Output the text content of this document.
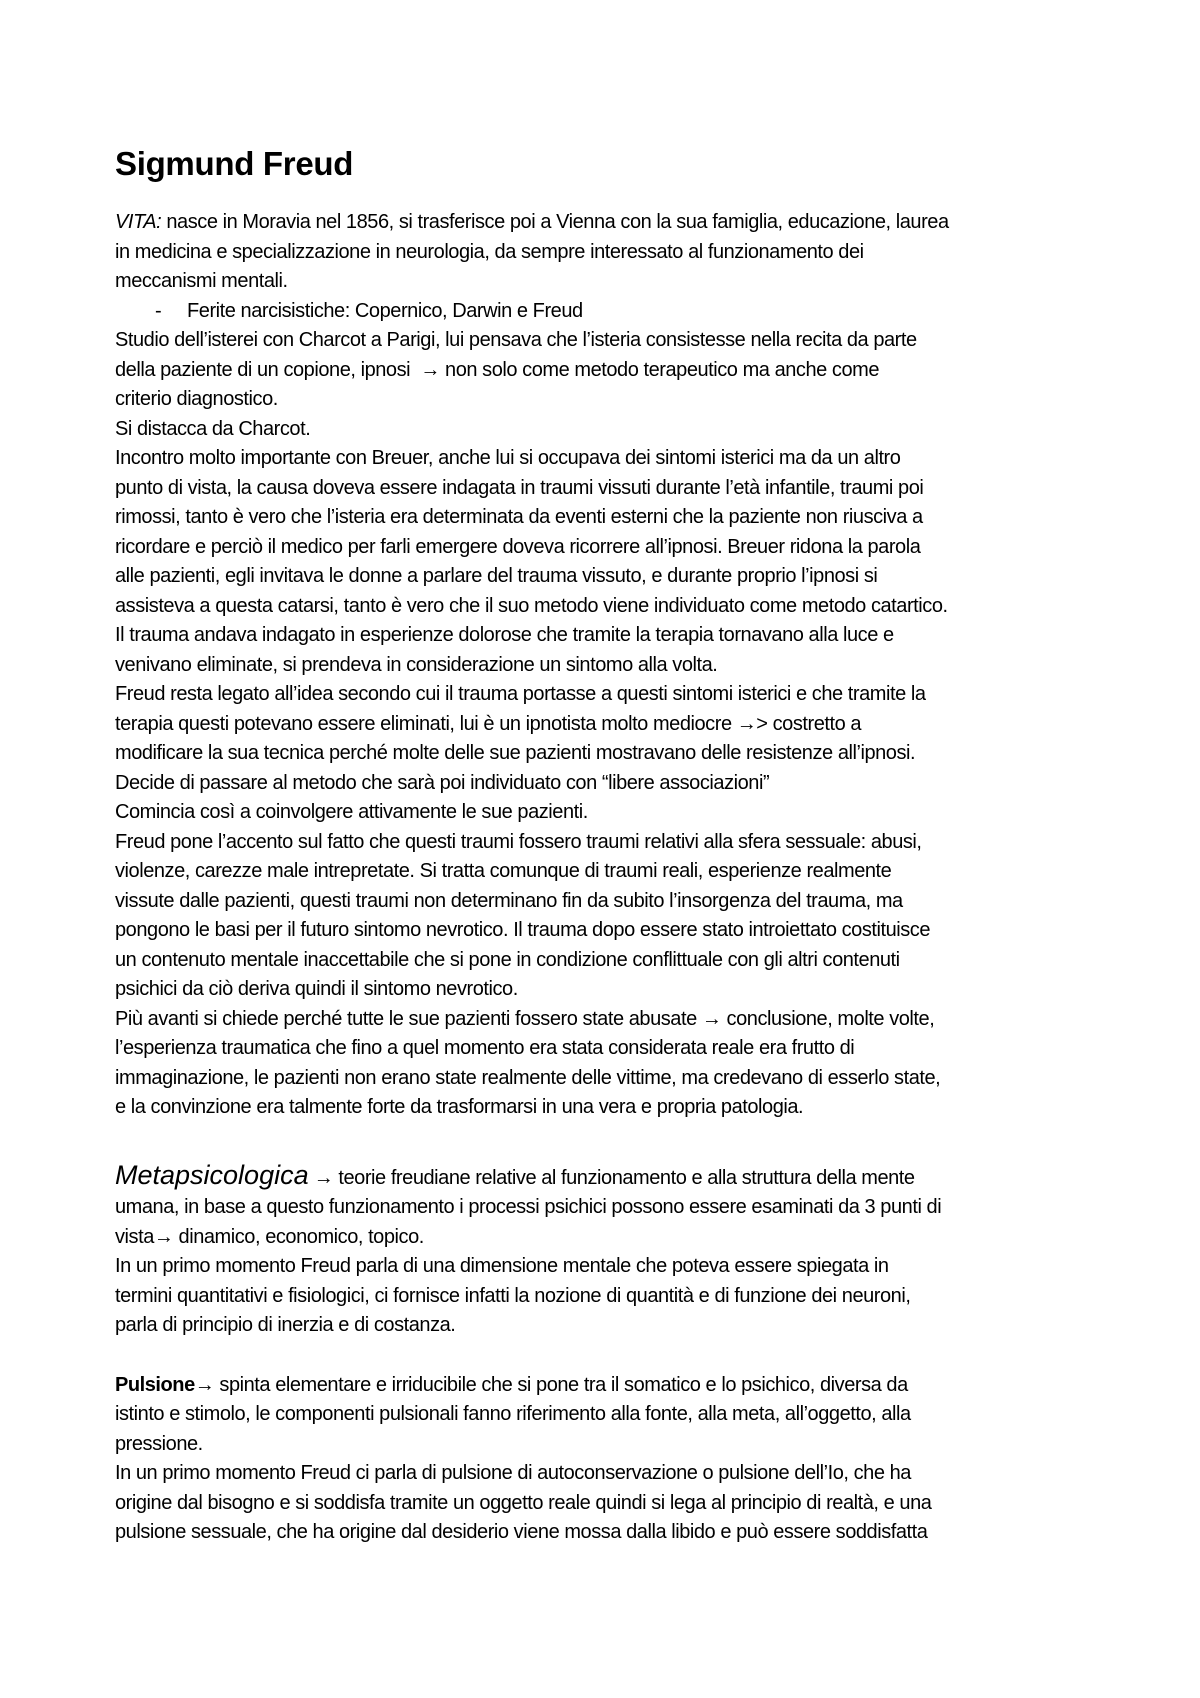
Sigmund Freud

VITA: nasce in Moravia nel 1856, si trasferisce poi a Vienna con la sua famiglia, educazione, laurea
in medicina e specializzazione in neurologia, da sempre interessato al funzionamento dei
meccanismi mentali.

- Ferite narcisistiche: Copernico, Darwin e Freud

Studio dell’isterei con Charcot a Parigi, lui pensava che l’isteria consistesse nella recita da parte
della paziente di un copione, ipnosi → non solo come metodo terapeutico ma anche come
criterio diagnostico.
Si distacca da Charcot.
Incontro molto importante con Breuer, anche lui si occupava dei sintomi isterici ma da un altro
punto di vista, la causa doveva essere indagata in traumi vissuti durante l’età infantile, traumi poi
rimossi, tanto è vero che l’isteria era determinata da eventi esterni che la paziente non riusciva a
ricordare e perciò il medico per farli emergere doveva ricorrere all’ipnosi. Breuer ridona la parola
alle pazienti, egli invitava le donne a parlare del trauma vissuto, e durante proprio l’ipnosi si
assisteva a questa catarsi, tanto è vero che il suo metodo viene individuato come metodo catartico.
Il trauma andava indagato in esperienze dolorose che tramite la terapia tornavano alla luce e
venivano eliminate, si prendeva in considerazione un sintomo alla volta.
Freud resta legato all’idea secondo cui il trauma portasse a questi sintomi isterici e che tramite la
terapia questi potevano essere eliminati, lui è un ipnotista molto mediocre →> costretto a
modificare la sua tecnica perché molte delle sue pazienti mostravano delle resistenze all’ipnosi.
Decide di passare al metodo che sarà poi individuato con “libere associazioni”
Comincia così a coinvolgere attivamente le sue pazienti.
Freud pone l’accento sul fatto che questi traumi fossero traumi relativi alla sfera sessuale: abusi,
violenze, carezze male intrepretate. Si tratta comunque di traumi reali, esperienze realmente
vissute dalle pazienti, questi traumi non determinano fin da subito l’insorgenza del trauma, ma
pongono le basi per il futuro sintomo nevrotico. Il trauma dopo essere stato introiettato costituisce
un contenuto mentale inaccettabile che si pone in condizione conflittuale con gli altri contenuti
psichici da ciò deriva quindi il sintomo nevrotico.
Più avanti si chiede perché tutte le sue pazienti fossero state abusate → conclusione, molte volte,
l’esperienza traumatica che fino a quel momento era stata considerata reale era frutto di
immaginazione, le pazienti non erano state realmente delle vittime, ma credevano di esserlo state,
e la convinzione era talmente forte da trasformarsi in una vera e propria patologia.

Metapsicologica → teorie freudiane relative al funzionamento e alla struttura della mente
umana, in base a questo funzionamento i processi psichici possono essere esaminati da 3 punti di
vista→ dinamico, economico, topico.
In un primo momento Freud parla di una dimensione mentale che poteva essere spiegata in
termini quantitativi e fisiologici, ci fornisce infatti la nozione di quantità e di funzione dei neuroni,
parla di principio di inerzia e di costanza.

Pulsione→ spinta elementare e irriducibile che si pone tra il somatico e lo psichico, diversa da
istinto e stimolo, le componenti pulsionali fanno riferimento alla fonte, alla meta, all’oggetto, alla
pressione.
In un primo momento Freud ci parla di pulsione di autoconservazione o pulsione dell’Io, che ha
origine dal bisogno e si soddisfa tramite un oggetto reale quindi si lega al principio di realtà, e una
pulsione sessuale, che ha origine dal desiderio viene mossa dalla libido e può essere soddisfatta
